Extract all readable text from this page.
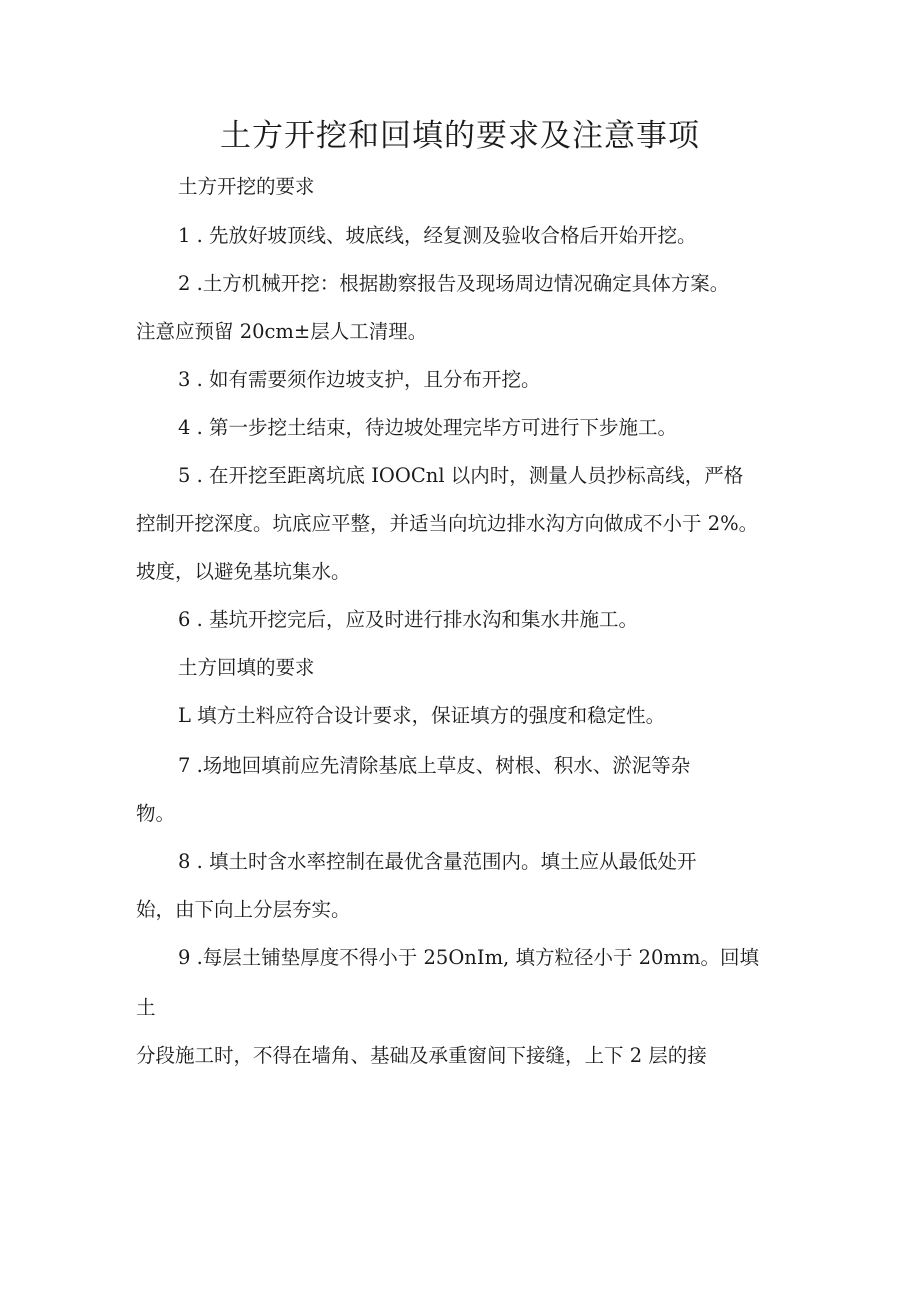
土方开挖和回填的要求及注意事项
土方开挖的要求
1 . 先放好坡顶线、坡底线，经复测及验收合格后开始开挖。
2 .土方机械开挖：根据勘察报告及现场周边情况确定具体方案。
注意应预留 20cm±层人工清理。
3 . 如有需要须作边坡支护，且分布开挖。
4 . 第一步挖土结束，待边坡处理完毕方可进行下步施工。
5 . 在开挖至距离坑底 IOOCnl 以内时，测量人员抄标高线，严格
控制开挖深度。坑底应平整，并适当向坑边排水沟方向做成不小于 2%。
坡度，以避免基坑集水。
6 . 基坑开挖完后，应及时进行排水沟和集水井施工。
土方回填的要求
L 填方土料应符合设计要求，保证填方的强度和稳定性。
7 .场地回填前应先清除基底上草皮、树根、积水、淤泥等杂
物。
8 . 填土时含水率控制在最优含量范围内。填土应从最低处开
始，由下向上分层夯实。
9 .每层土铺垫厚度不得小于 25OnIm, 填方粒径小于 20mm。回填
土
分段施工时，不得在墙角、基础及承重窗间下接缝，上下 2 层的接
